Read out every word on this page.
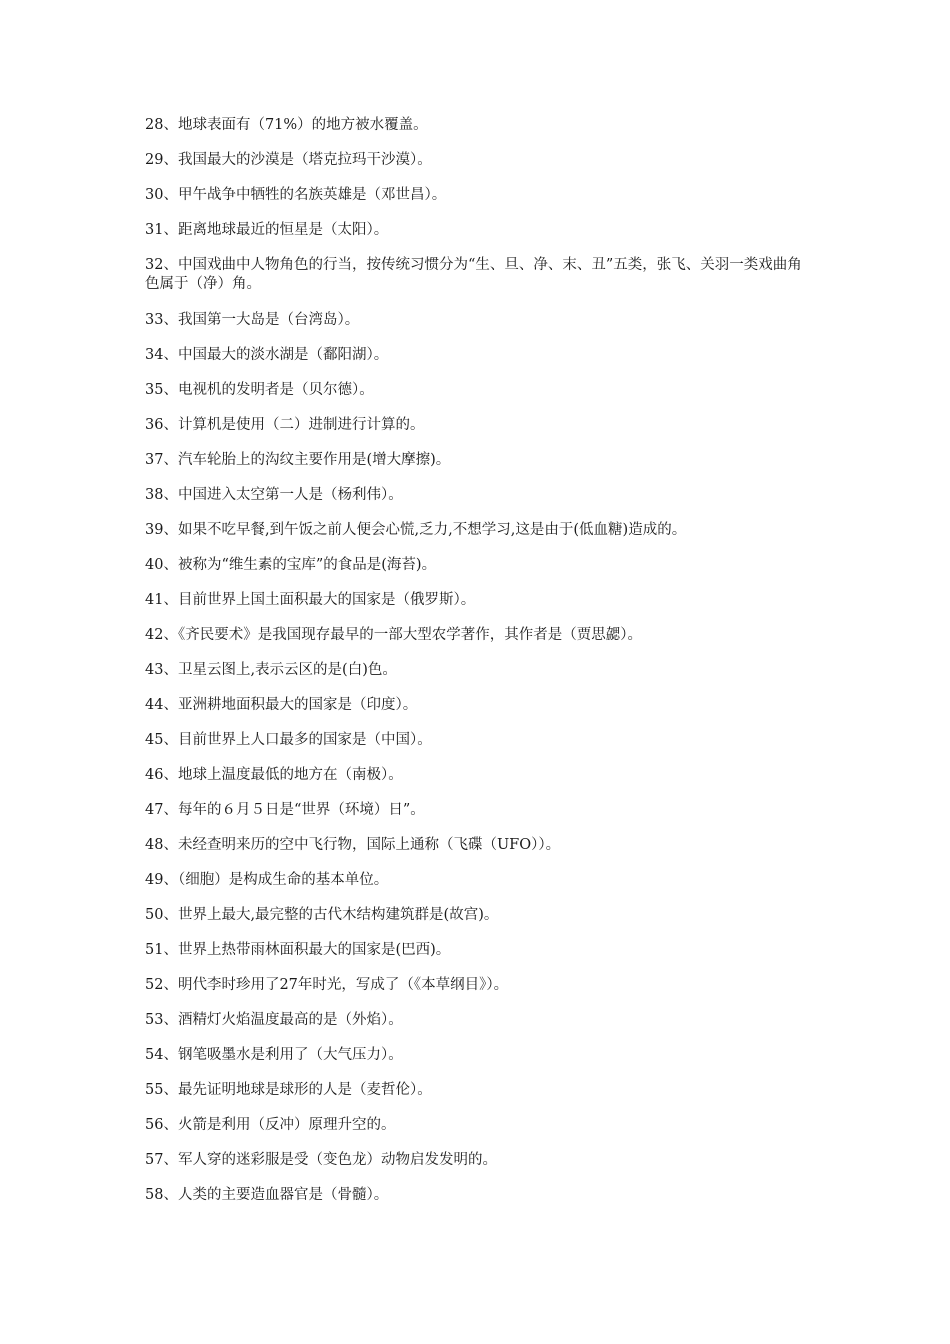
28、地球表面有（71%）的地方被水覆盖。
29、我国最大的沙漠是（塔克拉玛干沙漠）。
30、甲午战争中牺牲的名族英雄是（邓世昌）。
31、距离地球最近的恒星是（太阳）。
32、中国戏曲中人物角色的行当，按传统习惯分为“生、旦、净、末、丑”五类，张飞、关羽一类戏曲角色属于（净）角。
33、我国第一大岛是（台湾岛）。
34、中国最大的淡水湖是（鄱阳湖）。
35、电视机的发明者是（贝尔德）。
36、计算机是使用（二）进制进行计算的。
37、汽车轮胎上的沟纹主要作用是(增大摩擦)。
38、中国进入太空第一人是（杨利伟）。
39、如果不吃早餐,到午饭之前人便会心慌,乏力,不想学习,这是由于(低血糖)造成的。
40、被称为“维生素的宝库”的食品是(海苔)。
41、目前世界上国土面积最大的国家是（俄罗斯）。
42、《齐民要术》是我国现存最早的一部大型农学著作，其作者是（贾思勰）。
43、卫星云图上,表示云区的是(白)色。
44、亚洲耕地面积最大的国家是（印度）。
45、目前世界上人口最多的国家是（中国）。
46、地球上温度最低的地方在（南极）。
47、每年的６月５日是“世界（环境）日”。
48、未经查明来历的空中飞行物，国际上通称（飞碟（UFO））。
49、（细胞）是构成生命的基本单位。
50、世界上最大,最完整的古代木结构建筑群是(故宫)。
51、世界上热带雨林面积最大的国家是(巴西)。
52、明代李时珍用了27年时光，写成了（《本草纲目》）。
53、酒精灯火焰温度最高的是（外焰）。
54、钢笔吸墨水是利用了（大气压力）。
55、最先证明地球是球形的人是（麦哲伦）。
56、火箭是利用（反冲）原理升空的。
57、军人穿的迷彩服是受（变色龙）动物启发发明的。
58、人类的主要造血器官是（骨髓）。
